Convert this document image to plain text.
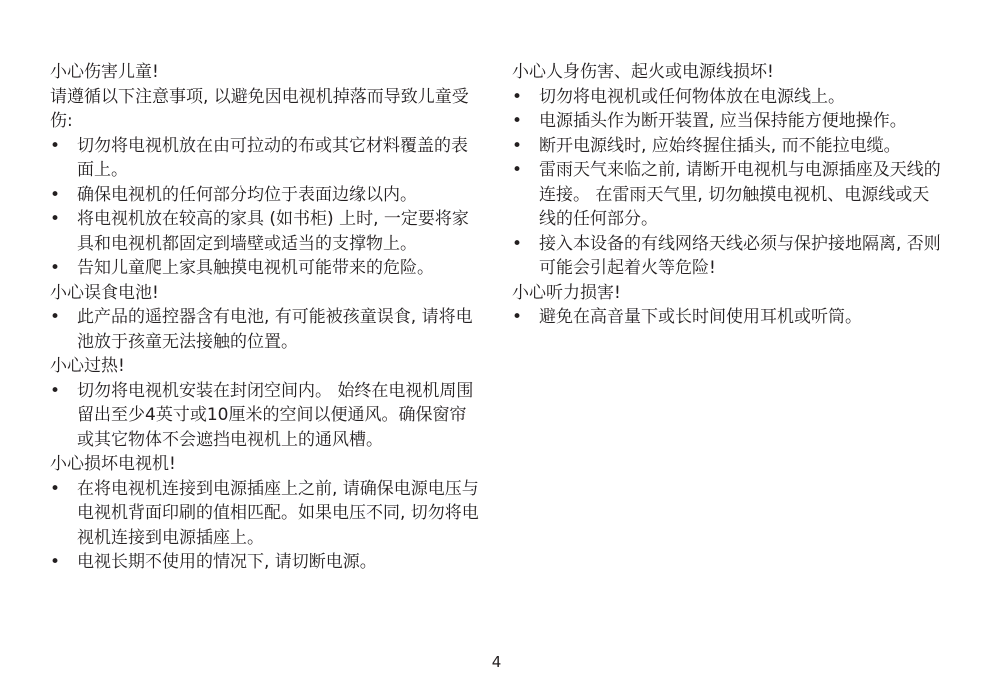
小心伤害儿童!

请遵循以下注意事项, 以避免因电视机掉落而导致儿童受伤:

• 切勿将电视机放在由可拉动的布或其它材料覆盖的表面上。
• 确保电视机的任何部分均位于表面边缘以内。
• 将电视机放在较高的家具 (如书柜) 上时, 一定要将家具和电视机都固定到墙壁或适当的支撑物上。
• 告知儿童爬上家具触摸电视机可能带来的危险。
小心误食电池!
• 此产品的遥控器含有电池, 有可能被孩童误食, 请将电池放于孩童无法接触的位置。
小心过热!
• 切勿将电视机安装在封闭空间内。 始终在电视机周围留出至少4英寸或10厘米的空间以便通风。确保窗帘或其它物体不会遮挡电视机上的通风槽。
小心损坏电视机!
• 在将电视机连接到电源插座上之前, 请确保电源电压与电视机背面印刷的值相匹配。如果电压不同, 切勿将电视机连接到电源插座上。
• 电视长期不使用的情况下, 请切断电源。
小心人身伤害、起火或电源线损坏!
• 切勿将电视机或任何物体放在电源线上。
• 电源插头作为断开装置, 应当保持能方便地操作。
• 断开电源线时, 应始终握住插头, 而不能拉电缆。
• 雷雨天气来临之前, 请断开电视机与电源插座及天线的连接。 在雷雨天气里, 切勿触摸电视机、电源线或天线的任何部分。
• 接入本设备的有线网络天线必须与保护接地隔离, 否则可能会引起着火等危险!
小心听力损害!
• 避免在高音量下或长时间使用耳机或听筒。
4
